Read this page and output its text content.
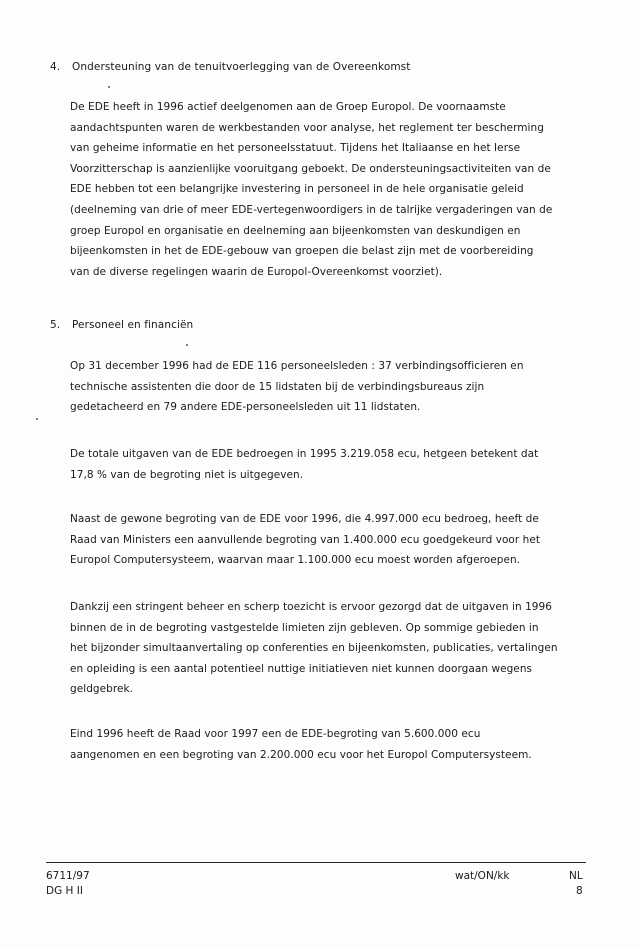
4. Ondersteuning van de tenuitvoerlegging van de Overeenkomst
De EDE heeft in 1996 actief deelgenomen aan de Groep Europol. De voornaamste
aandachtspunten waren de werkbestanden voor analyse, het reglement ter bescherming
van geheime informatie en het personeelsstatuut. Tijdens het Italiaanse en het Ierse
Voorzitterschap is aanzienlijke vooruitgang geboekt. De ondersteuningsactiviteiten van de
EDE hebben tot een belangrijke investering in personeel in de hele organisatie geleid
(deelneming van drie of meer EDE-vertegenwoordigers in de talrijke vergaderingen van de
groep Europol en organisatie en deelneming aan bijeenkomsten van deskundigen en
bijeenkomsten in het de EDE-gebouw van groepen die belast zijn met de voorbereiding
van de diverse regelingen waarin de Europol-Overeenkomst voorziet).
5. Personeel en financiën
Op 31 december 1996 had de EDE 116 personeelsleden : 37 verbindingsofficieren en
technische assistenten die door de 15 lidstaten bij de verbindingsbureaus zijn
gedetacheerd en 79 andere EDE-personeelsleden uit 11 lidstaten.
De totale uitgaven van de EDE bedroegen in 1995 3.219.058 ecu, hetgeen betekent dat
17,8 % van de begroting niet is uitgegeven.
Naast de gewone begroting van de EDE voor 1996, die 4.997.000 ecu bedroeg, heeft de
Raad van Ministers een aanvullende begroting van 1.400.000 ecu goedgekeurd voor het
Europol Computersysteem, waarvan maar 1.100.000 ecu moest worden afgeroepen.
Dankzij een stringent beheer en scherp toezicht is ervoor gezorgd dat de uitgaven in 1996
binnen de in de begroting vastgestelde limieten zijn gebleven. Op sommige gebieden in
het bijzonder simultaanvertaling op conferenties en bijeenkomsten, publicaties, vertalingen
en opleiding is een aantal potentieel nuttige initiatieven niet kunnen doorgaan wegens
geldgebrek.
Eind 1996 heeft de Raad voor 1997 een de EDE-begroting van 5.600.000 ecu
aangenomen en een begroting van 2.200.000 ecu voor het Europol Computersysteem.
6711/97
DG H II
wat/ON/kk	NL
8
